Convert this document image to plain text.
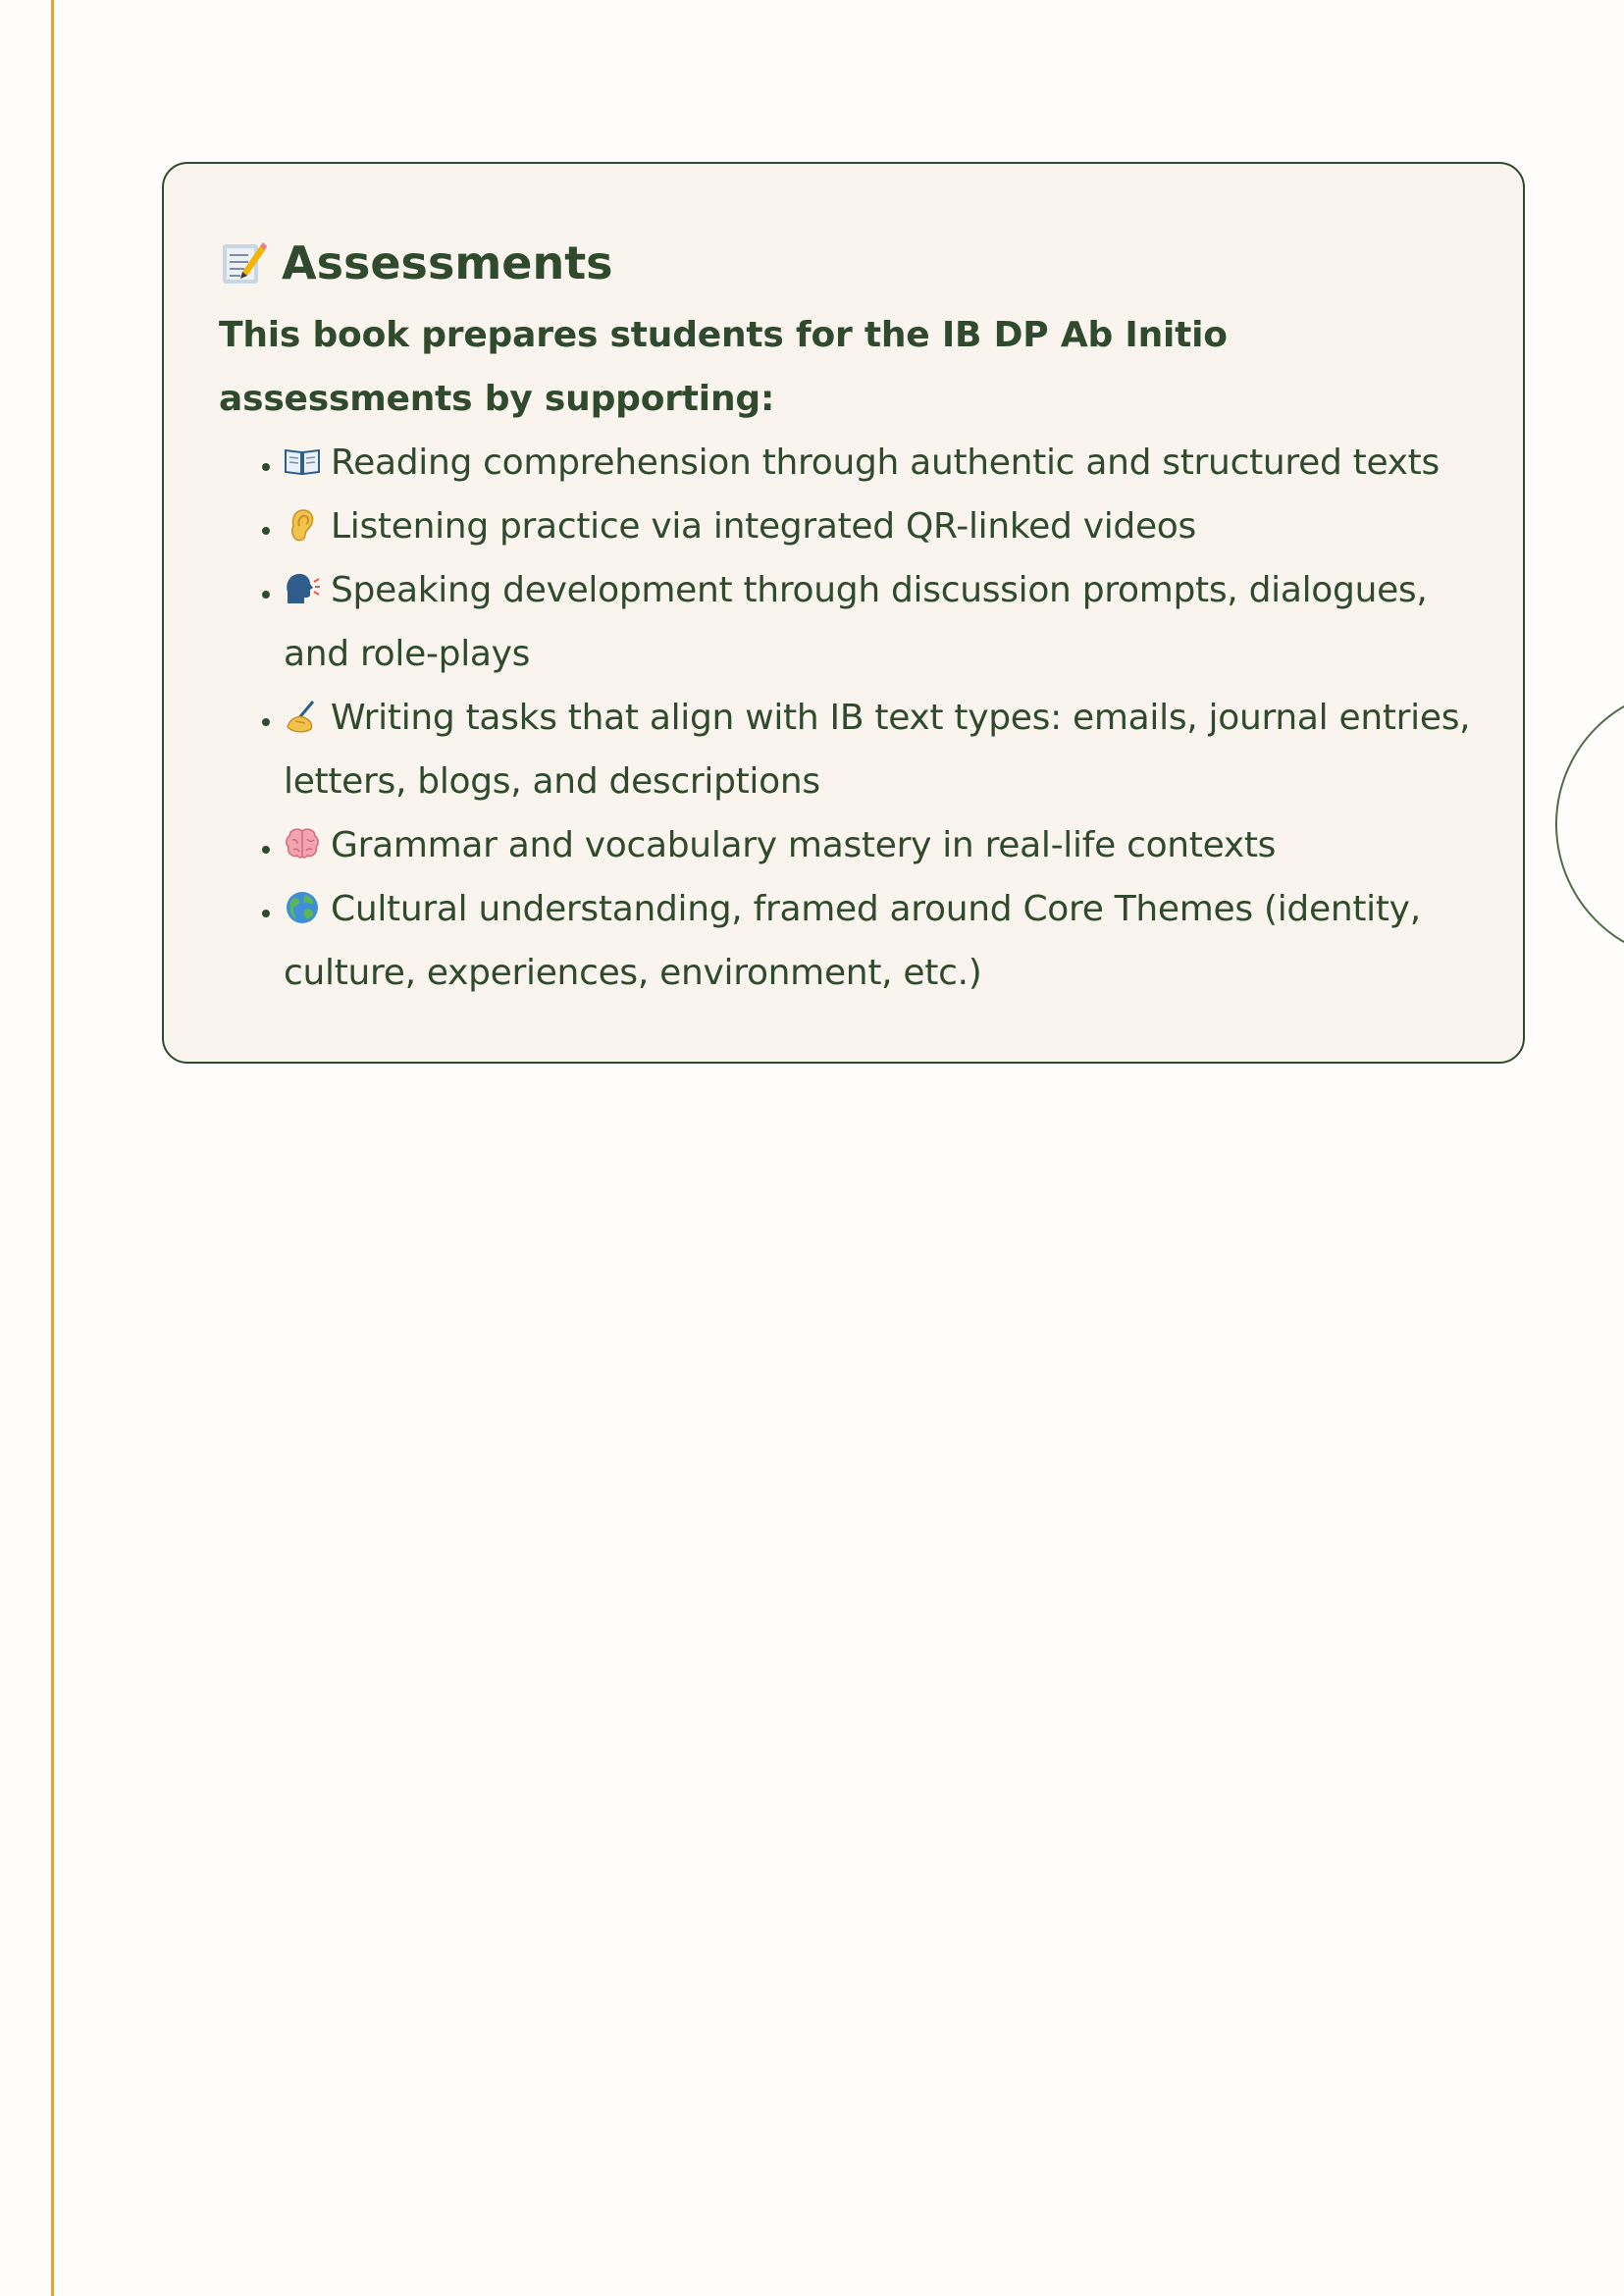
Assessments

This book prepares students for the IB DP Ab Initio assessments by supporting:

• Reading comprehension through authentic and structured texts
• Listening practice via integrated QR-linked videos
• Speaking development through discussion prompts, dialogues, and role-plays
• Writing tasks that align with IB text types: emails, journal entries, letters, blogs, and descriptions
• Grammar and vocabulary mastery in real-life contexts
• Cultural understanding, framed around Core Themes (identity, culture, experiences, environment, etc.)
